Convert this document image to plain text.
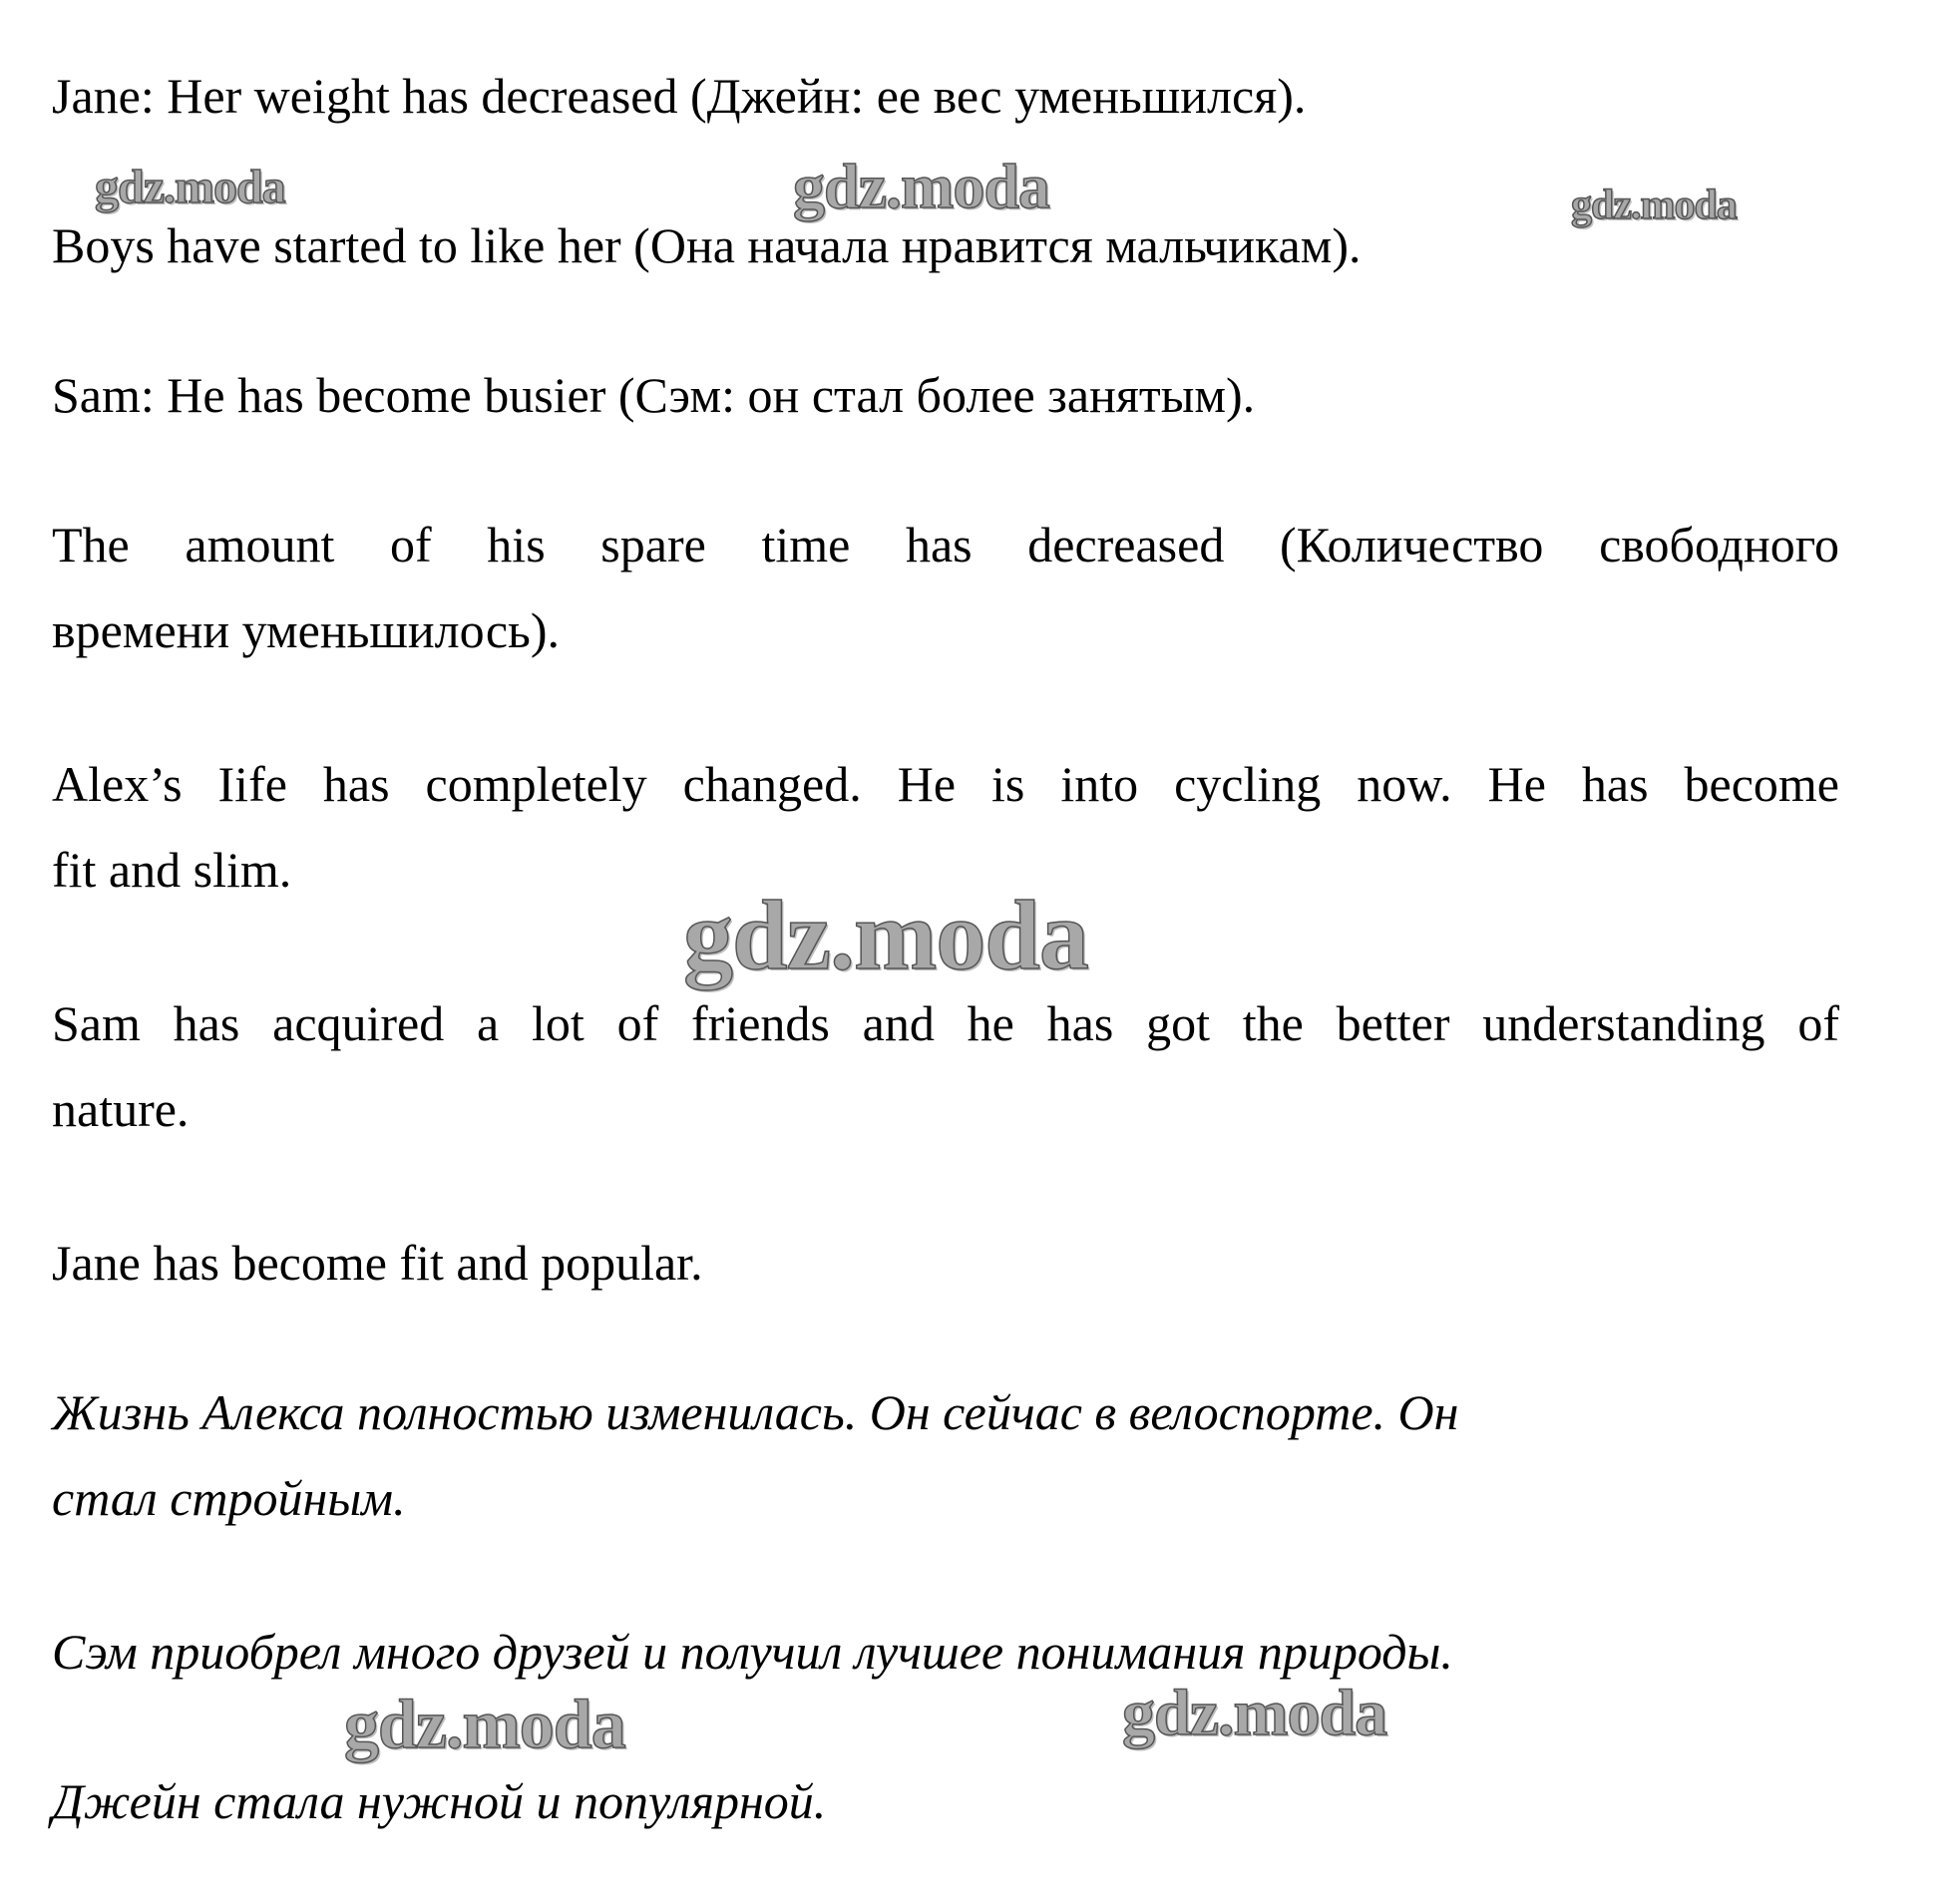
Jane: Her weight has decreased (Джейн: ее вес уменьшился).
Boys have started to like her (Она начала нравится мальчикам).
Sam: He has become busier (Сэм: он стал более занятым).
The amount of his spare time has decreased (Количество свободного
времени уменьшилось).
Alex’s Iife has completely changed. He is into cycling now. He has become
fit and slim.
Sam has acquired a lot of friends and he has got the better understanding of
nature.
Jane has become fit and popular.
Жизнь Алекса полностью изменилась. Он сейчас в велоспорте. Он
стал стройным.
Сэм приобрел много друзей и получил лучшее понимания природы.
Джейн стала нужной и популярной.
gdz.moda	gdz.moda	gdz.moda
gdz.moda
gdz.moda	gdz.moda
